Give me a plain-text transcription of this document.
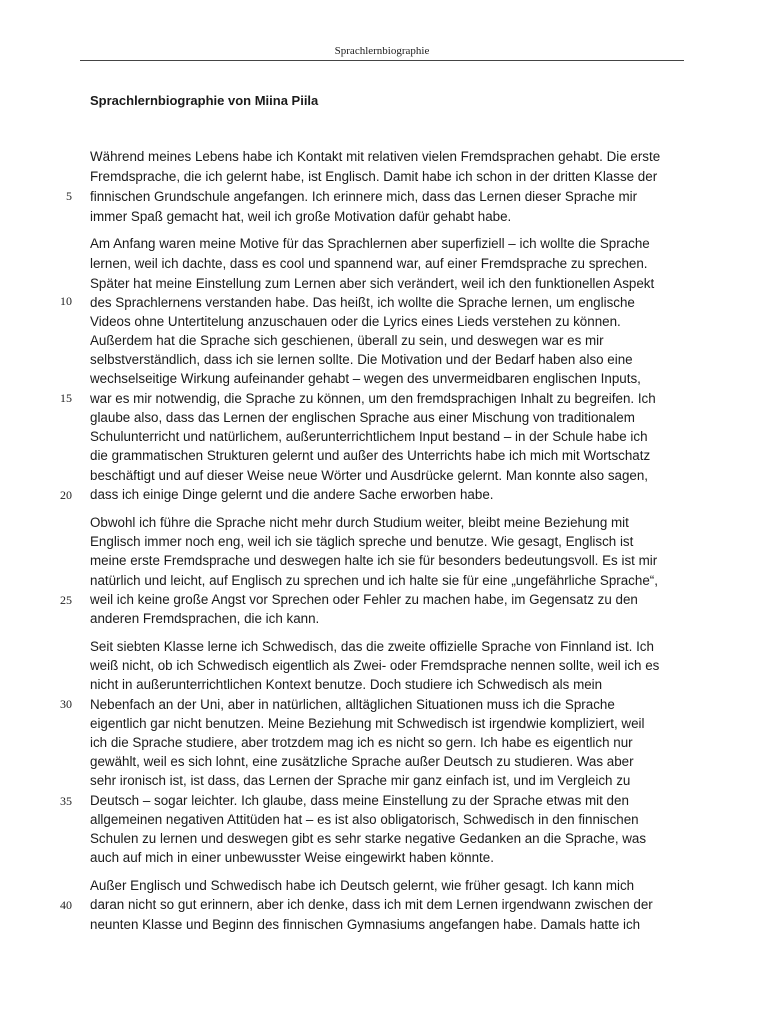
Sprachlernbiographie
Sprachlernbiographie von Miina Piila
Während meines Lebens habe ich Kontakt mit relativen vielen Fremdsprachen gehabt. Die erste
Fremdsprache, die ich gelernt habe, ist Englisch. Damit habe ich schon in der dritten Klasse der
finnischen Grundschule angefangen. Ich erinnere mich, dass das Lernen dieser Sprache mir
immer Spaß gemacht hat, weil ich große Motivation dafür gehabt habe.
Am Anfang waren meine Motive für das Sprachlernen aber superfiziell – ich wollte die Sprache
lernen, weil ich dachte, dass es cool und spannend war, auf einer Fremdsprache zu sprechen.
Später hat meine Einstellung zum Lernen aber sich verändert, weil ich den funktionellen Aspekt
des Sprachlernens verstanden habe. Das heißt, ich wollte die Sprache lernen, um englische
Videos ohne Untertitelung anzuschauen oder die Lyrics eines Lieds verstehen zu können.
Außerdem hat die Sprache sich geschienen, überall zu sein, und deswegen war es mir
selbstverständlich, dass ich sie lernen sollte. Die Motivation und der Bedarf haben also eine
wechselseitige Wirkung aufeinander gehabt – wegen des unvermeidbaren englischen Inputs,
war es mir notwendig, die Sprache zu können, um den fremdsprachigen Inhalt zu begreifen. Ich
glaube also, dass das Lernen der englischen Sprache aus einer Mischung von traditionalem
Schulunterricht und natürlichem, außerunterrichtlichem Input bestand – in der Schule habe ich
die grammatischen Strukturen gelernt und außer des Unterrichts habe ich mich mit Wortschatz
beschäftigt und auf dieser Weise neue Wörter und Ausdrücke gelernt. Man konnte also sagen,
dass ich einige Dinge gelernt und die andere Sache erworben habe.
Obwohl ich führe die Sprache nicht mehr durch Studium weiter, bleibt meine Beziehung mit
Englisch immer noch eng, weil ich sie täglich spreche und benutze. Wie gesagt, Englisch ist
meine erste Fremdsprache und deswegen halte ich sie für besonders bedeutungsvoll. Es ist mir
natürlich und leicht, auf Englisch zu sprechen und ich halte sie für eine „ungefährliche Sprache“,
weil ich keine große Angst vor Sprechen oder Fehler zu machen habe, im Gegensatz zu den
anderen Fremdsprachen, die ich kann.
Seit siebten Klasse lerne ich Schwedisch, das die zweite offizielle Sprache von Finnland ist. Ich
weiß nicht, ob ich Schwedisch eigentlich als Zwei- oder Fremdsprache nennen sollte, weil ich es
nicht in außerunterrichtlichen Kontext benutze. Doch studiere ich Schwedisch als mein
Nebenfach an der Uni, aber in natürlichen, alltäglichen Situationen muss ich die Sprache
eigentlich gar nicht benutzen. Meine Beziehung mit Schwedisch ist irgendwie kompliziert, weil
ich die Sprache studiere, aber trotzdem mag ich es nicht so gern. Ich habe es eigentlich nur
gewählt, weil es sich lohnt, eine zusätzliche Sprache außer Deutsch zu studieren. Was aber
sehr ironisch ist, ist dass, das Lernen der Sprache mir ganz einfach ist, und im Vergleich zu
Deutsch – sogar leichter. Ich glaube, dass meine Einstellung zu der Sprache etwas mit den
allgemeinen negativen Attitüden hat – es ist also obligatorisch, Schwedisch in den finnischen
Schulen zu lernen und deswegen gibt es sehr starke negative Gedanken an die Sprache, was
auch auf mich in einer unbewusster Weise eingewirkt haben könnte.
Außer Englisch und Schwedisch habe ich Deutsch gelernt, wie früher gesagt. Ich kann mich
daran nicht so gut erinnern, aber ich denke, dass ich mit dem Lernen irgendwann zwischen der
neunten Klasse und Beginn des finnischen Gymnasiums angefangen habe. Damals hatte ich
5
10
15
20
25
30
35
40
